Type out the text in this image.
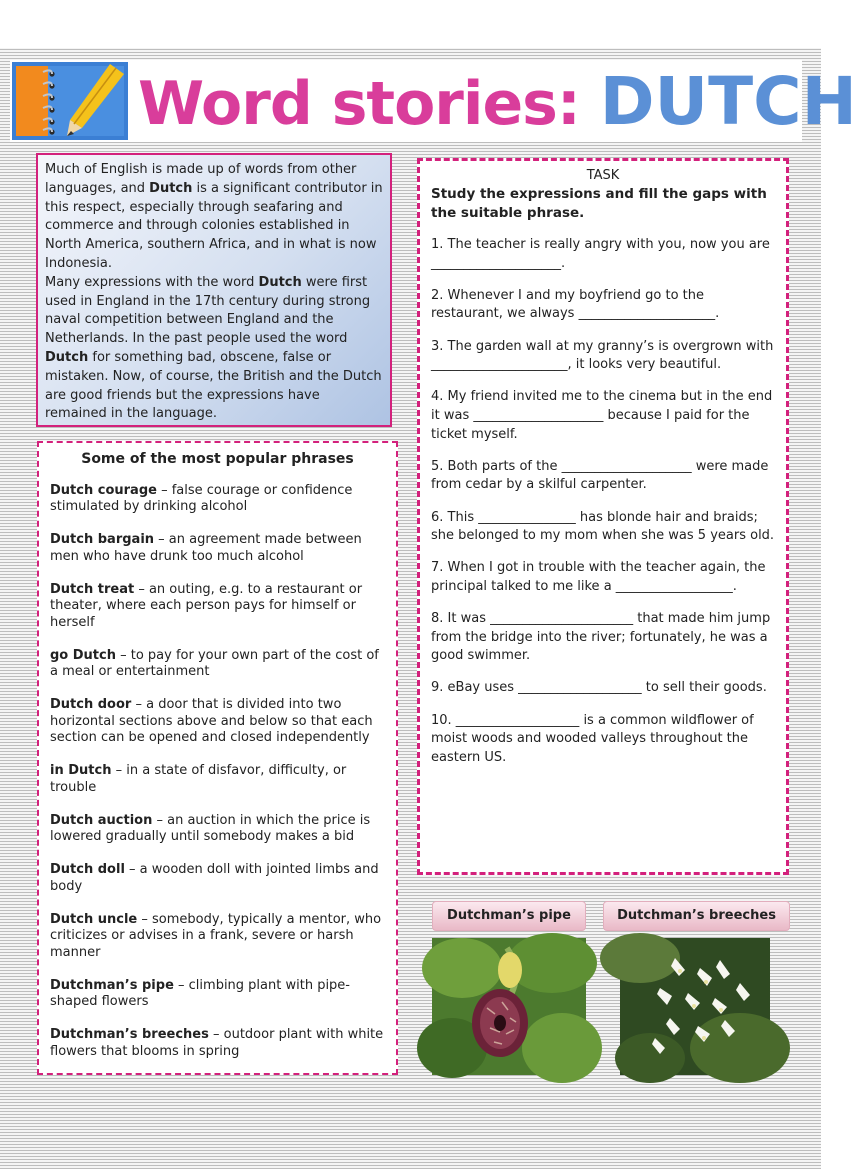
Word stories: DUTCH

Much of English is made up of words from other languages, and Dutch is a significant contributor in this respect, especially through seafaring and commerce and through colonies established in North America, southern Africa, and in what is now Indonesia.

Many expressions with the word Dutch were first used in England in the 17th century during strong naval competition between England and the Netherlands. In the past people used the word Dutch for something bad, obscene, false or mistaken. Now, of course, the British and the Dutch are good friends but the expressions have remained in the language.

Some of the most popular phrases

Dutch courage – false courage or confidence stimulated by drinking alcohol

Dutch bargain – an agreement made between men who have drunk too much alcohol

Dutch treat – an outing, e.g. to a restaurant or theater, where each person pays for himself or herself

go Dutch – to pay for your own part of the cost of a meal or entertainment

Dutch door – a door that is divided into two horizontal sections above and below so that each section can be opened and closed independently

in Dutch – in a state of disfavor, difficulty, or trouble

Dutch auction – an auction in which the price is lowered gradually until somebody makes a bid

Dutch doll – a wooden doll with jointed limbs and body

Dutch uncle – somebody, typically a mentor, who criticizes or advises in a frank, severe or harsh manner

Dutchman’s pipe – climbing plant with pipe-shaped flowers

Dutchman’s breeches – outdoor plant with white flowers that blooms in spring

TASK

Study the expressions and fill the gaps with the suitable phrase.

1. The teacher is really angry with you, now you are ____________________.

2. Whenever I and my boyfriend go to the restaurant, we always _____________________.

3. The garden wall at my granny’s is overgrown with _____________________, it looks very beautiful.

4. My friend invited me to the cinema but in the end it was ____________________ because I paid for the ticket myself.

5. Both parts of the ____________________ were made from cedar by a skilful carpenter.

6. This _______________ has blonde hair and braids; she belonged to my mom when she was 5 years old.

7. When I got in trouble with the teacher again, the principal talked to me like a __________________.

8. It was ______________________ that made him jump from the bridge into the river; fortunately, he was a good swimmer.

9. eBay uses ___________________ to sell their goods.

10. ___________________ is a common wildflower of moist woods and wooded valleys throughout the eastern US.

Dutchman’s pipe	Dutchman’s breeches
